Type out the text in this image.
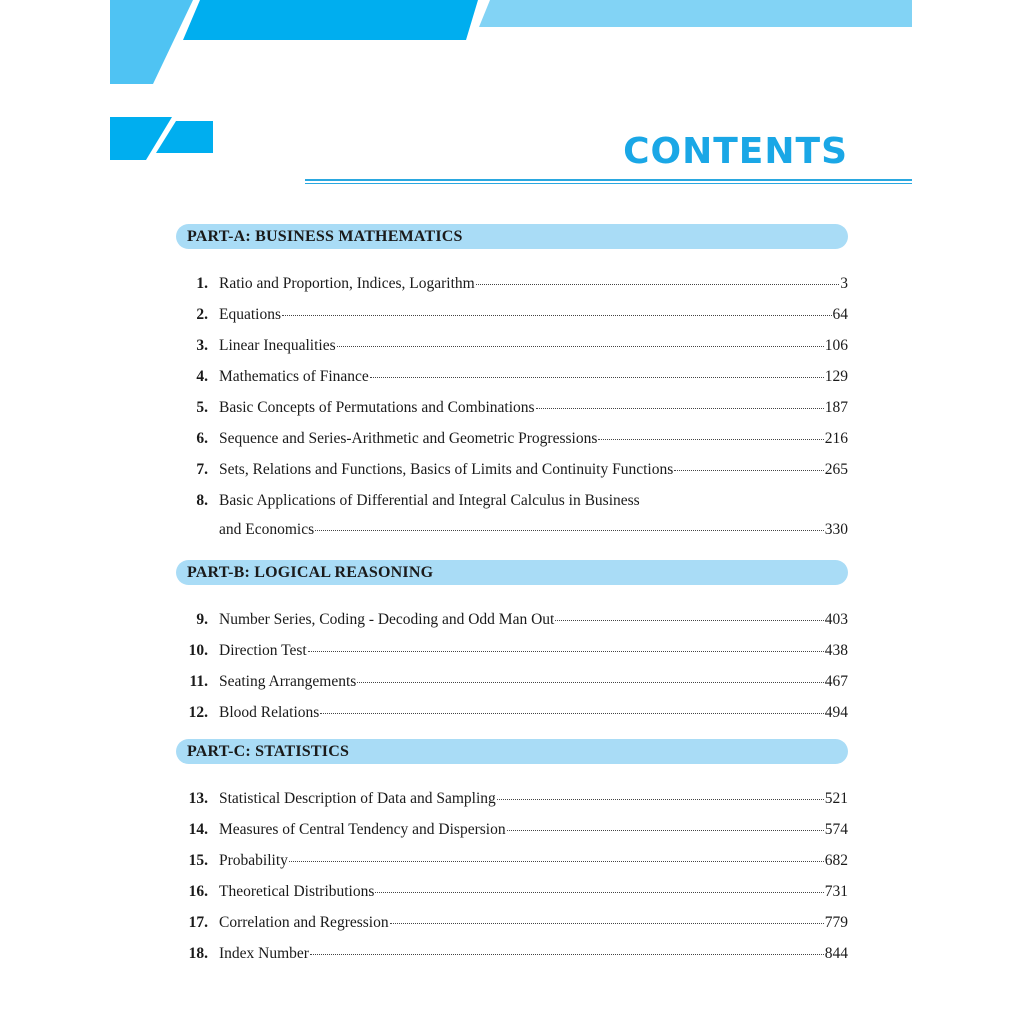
CONTENTS
PART-A: BUSINESS MATHEMATICS
1. Ratio and Proportion, Indices, Logarithm	3
2. Equations	64
3. Linear Inequalities	106
4. Mathematics of Finance	129
5. Basic Concepts of Permutations and Combinations	187
6. Sequence and Series-Arithmetic and Geometric Progressions	216
7. Sets, Relations and Functions, Basics of Limits and Continuity Functions	265
8. Basic Applications of Differential and Integral Calculus in Business
and Economics	330
PART-B: LOGICAL REASONING
9. Number Series, Coding - Decoding and Odd Man Out	403
10. Direction Test	438
11. Seating Arrangements	467
12. Blood Relations	494
PART-C: STATISTICS
13. Statistical Description of Data and Sampling	521
14. Measures of Central Tendency and Dispersion	574
15. Probability	682
16. Theoretical Distributions	731
17. Correlation and Regression	779
18. Index Number	844
